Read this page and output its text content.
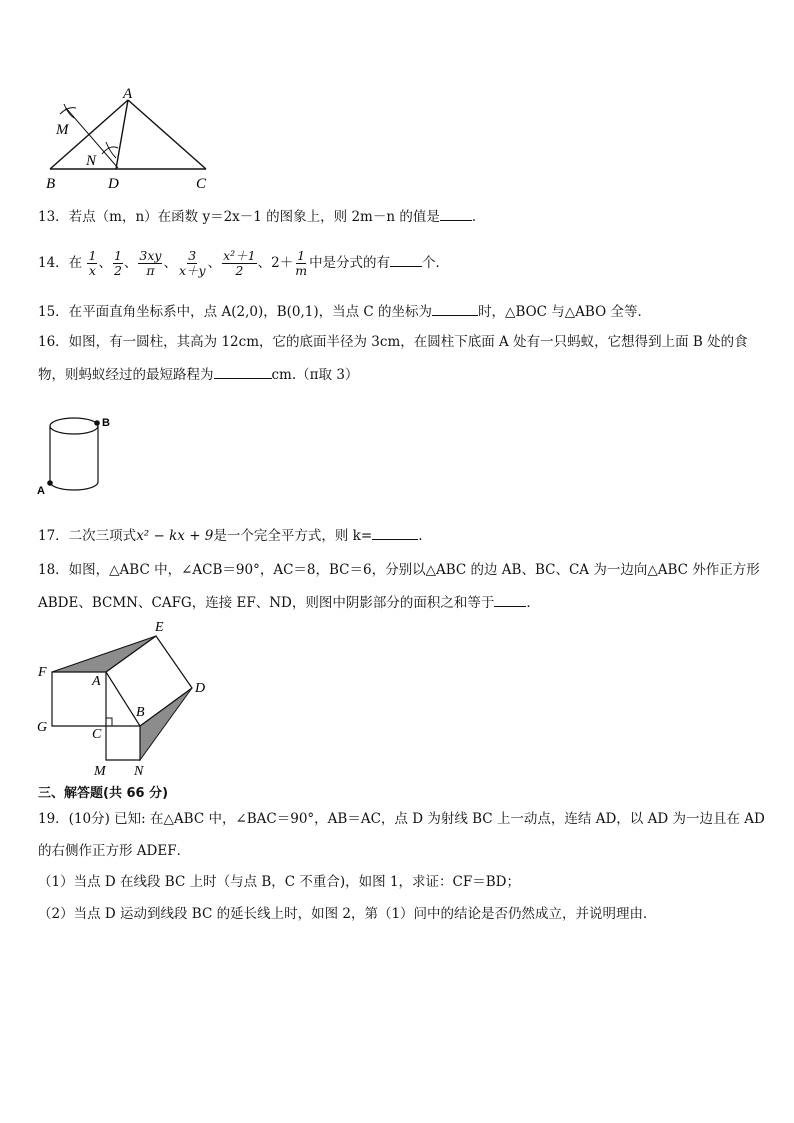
A
M
N
B	D	C
13．若点（m，n）在函数 y＝2x－1 的图象上，则 2m－n 的值是 ．
14．在 $\frac{1}{x}$ 、 $\frac{1}{2}$ 、 $\frac{3xy}{\pi}$ 、 $\frac{3}{x+y}$ 、 $\frac{\text{x²＋1}}{2}$ 、$2+ \frac{1}{m}$ 中是分式的有 个．
15．在平面直角坐标系中，点 A(2,0)，B(0,1)，当点 C 的坐标为	时，△BOC 与△ABO 全等．
16．如图，有一圆柱，其高为 12cm，它的底面半径为 3cm，在圆柱下底面 A 处有一只蚂蚁，它想得到上面 B 处的食
物，则蚂蚁经过的最短路程为	cm.（π取 3）
B
A
17．二次三项式x² − kx + 9是一个完全平方式，则 k=	.
18．如图，△ABC 中，∠ACB＝90°，AC＝8，BC＝6，分别以△ABC 的边 AB、BC、CA 为一边向△ABC 外作正方形
ABDE、BCMN、CAFG，连接 EF、ND，则图中阴影部分的面积之和等于 ．
E
F
A	D
B
G	C
M N
三、解答题(共 66 分)
19．(10分) 已知: 在△ABC 中，∠BAC＝90°，AB＝AC，点 D 为射线 BC 上一动点，连结 AD，以 AD 为一边且在 AD
的右侧作正方形 ADEF．
（1）当点 D 在线段 BC 上时（与点 B，C 不重合)，如图 1，求证：CF＝BD；
（2）当点 D 运动到线段 BC 的延长线上时，如图 2，第（1）问中的结论是否仍然成立，并说明理由．
